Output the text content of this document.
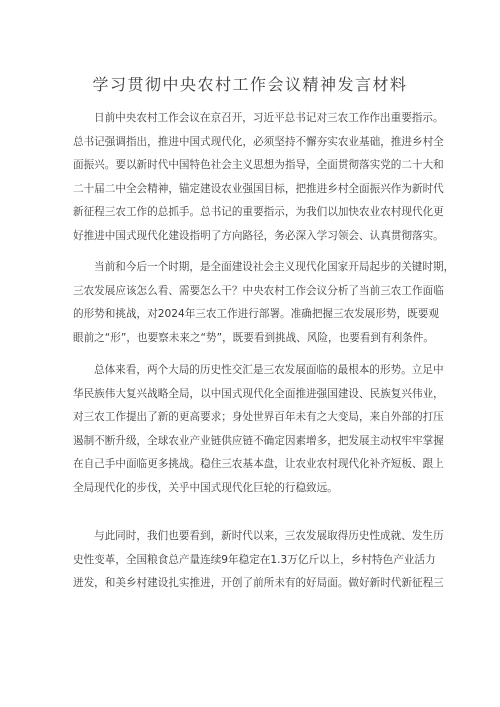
学习贯彻中央农村工作会议精神发言材料
日前中央农村工作会议在京召开，习近平总书记对三农工作作出重要指示。
总书记强调指出，推进中国式现代化，必须坚持不懈夯实农业基础，推进乡村全
面振兴。要以新时代中国特色社会主义思想为指导，全面贯彻落实党的二十大和
二十届二中全会精神，锚定建设农业强国目标，把推进乡村全面振兴作为新时代
新征程三农工作的总抓手。总书记的重要指示，为我们以加快农业农村现代化更
好推进中国式现代化建设指明了方向路径，务必深入学习领会、认真贯彻落实。
当前和今后一个时期，是全面建设社会主义现代化国家开局起步的关键时期，
三农发展应该怎么看、需要怎么干？中央农村工作会议分析了当前三农工作面临
的形势和挑战，对2024年三农工作进行部署。准确把握三农发展形势，既要观
眼前之“形”，也要察未来之“势”，既要看到挑战、风险，也要看到有利条件。
总体来看，两个大局的历史性交汇是三农发展面临的最根本的形势。立足中
华民族伟大复兴战略全局，以中国式现代化全面推进强国建设、民族复兴伟业，
对三农工作提出了新的更高要求；身处世界百年未有之大变局，来自外部的打压
遏制不断升级，全球农业产业链供应链不确定因素增多，把发展主动权牢牢掌握
在自己手中面临更多挑战。稳住三农基本盘，让农业农村现代化补齐短板、跟上
全局现代化的步伐，关乎中国式现代化巨轮的行稳致远。
与此同时，我们也要看到，新时代以来，三农发展取得历史性成就、发生历
史性变革，全国粮食总产量连续9年稳定在1.3万亿斤以上，乡村特色产业活力
迸发，和美乡村建设扎实推进，开创了前所未有的好局面。做好新时代新征程三
